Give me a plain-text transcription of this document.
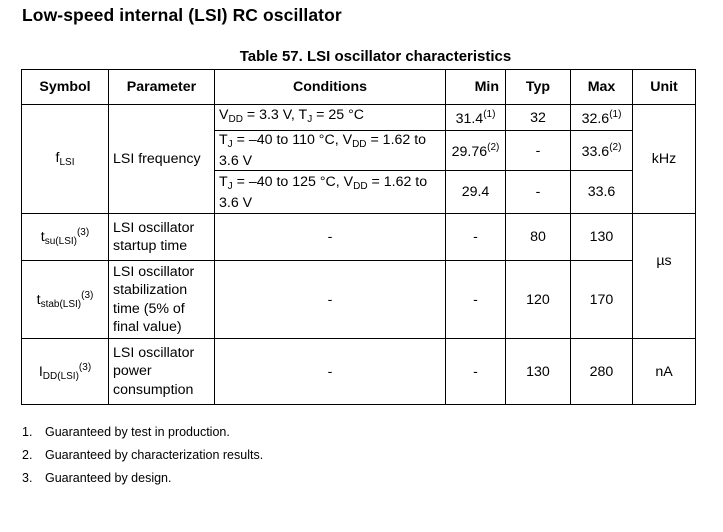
Low-speed internal (LSI) RC oscillator
Table 57. LSI oscillator characteristics
Symbol	Parameter	Conditions	Min	Typ	Max	Unit
$f_{LSI}$	LSI frequency	$V_{DD} = 3.3$ V, $T_J = 25$ °C	31.4$^{(1)}$	32	32.6$^{(1)}$	kHz
		$T_J = -40$ to 110 °C, $V_{DD} = 1.62$ to 3.6 V	29.76$^{(2)}$	-	33.6$^{(2)}$
		$T_J = -40$ to 125 °C, $V_{DD} = 1.62$ to 3.6 V	29.4	-	33.6	
$t_{su(LSI)}^{(3)}$	LSI oscillator startup time	-	-	80	130	µs
$t_{stab(LSI)}^{(3)}$	LSI oscillator stabilization time (5% of final value)	-	-	120	170	
$I_{DD(LSI)}^{(3)}$	LSI oscillator power consumption	-	-	130	280	nA
1.	Guaranteed by test in production.
2.	Guaranteed by characterization results.
3.	Guaranteed by design.
